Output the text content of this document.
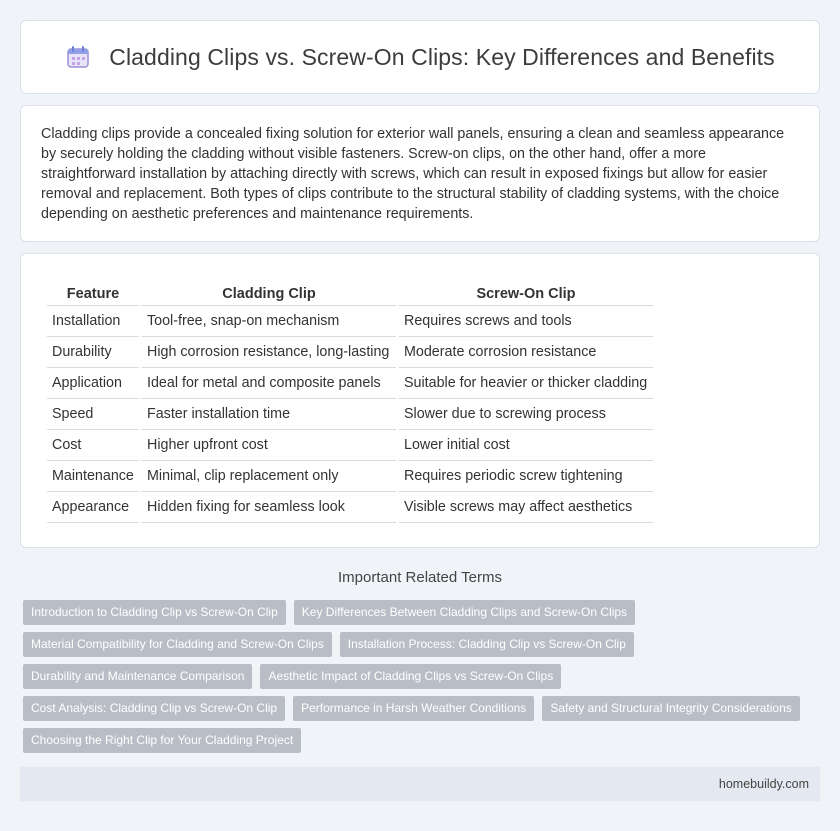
Cladding Clips vs. Screw-On Clips: Key Differences and Benefits

Cladding clips provide a concealed fixing solution for exterior wall panels, ensuring a clean and seamless appearance by securely holding the cladding without visible fasteners. Screw-on clips, on the other hand, offer a more straightforward installation by attaching directly with screws, which can result in exposed fixings but allow for easier removal and replacement. Both types of clips contribute to the structural stability of cladding systems, with the choice depending on aesthetic preferences and maintenance requirements.

Feature	Cladding Clip	Screw-On Clip
Installation	Tool-free, snap-on mechanism	Requires screws and tools
Durability	High corrosion resistance, long-lasting	Moderate corrosion resistance
Application	Ideal for metal and composite panels	Suitable for heavier or thicker cladding
Speed	Faster installation time	Slower due to screwing process
Cost	Higher upfront cost	Lower initial cost
Maintenance	Minimal, clip replacement only	Requires periodic screw tightening
Appearance	Hidden fixing for seamless look	Visible screws may affect aesthetics
Important Related Terms
Introduction to Cladding Clip vs Screw-On Clip	Key Differences Between Cladding Clips and Screw-On Clips
Material Compatibility for Cladding and Screw-On Clips	Installation Process: Cladding Clip vs Screw-On Clip
Durability and Maintenance Comparison	Aesthetic Impact of Cladding Clips vs Screw-On Clips
Cost Analysis: Cladding Clip vs Screw-On Clip	Performance in Harsh Weather Conditions	Safety and Structural Integrity Considerations
Choosing the Right Clip for Your Cladding Project
homebuildy.com
